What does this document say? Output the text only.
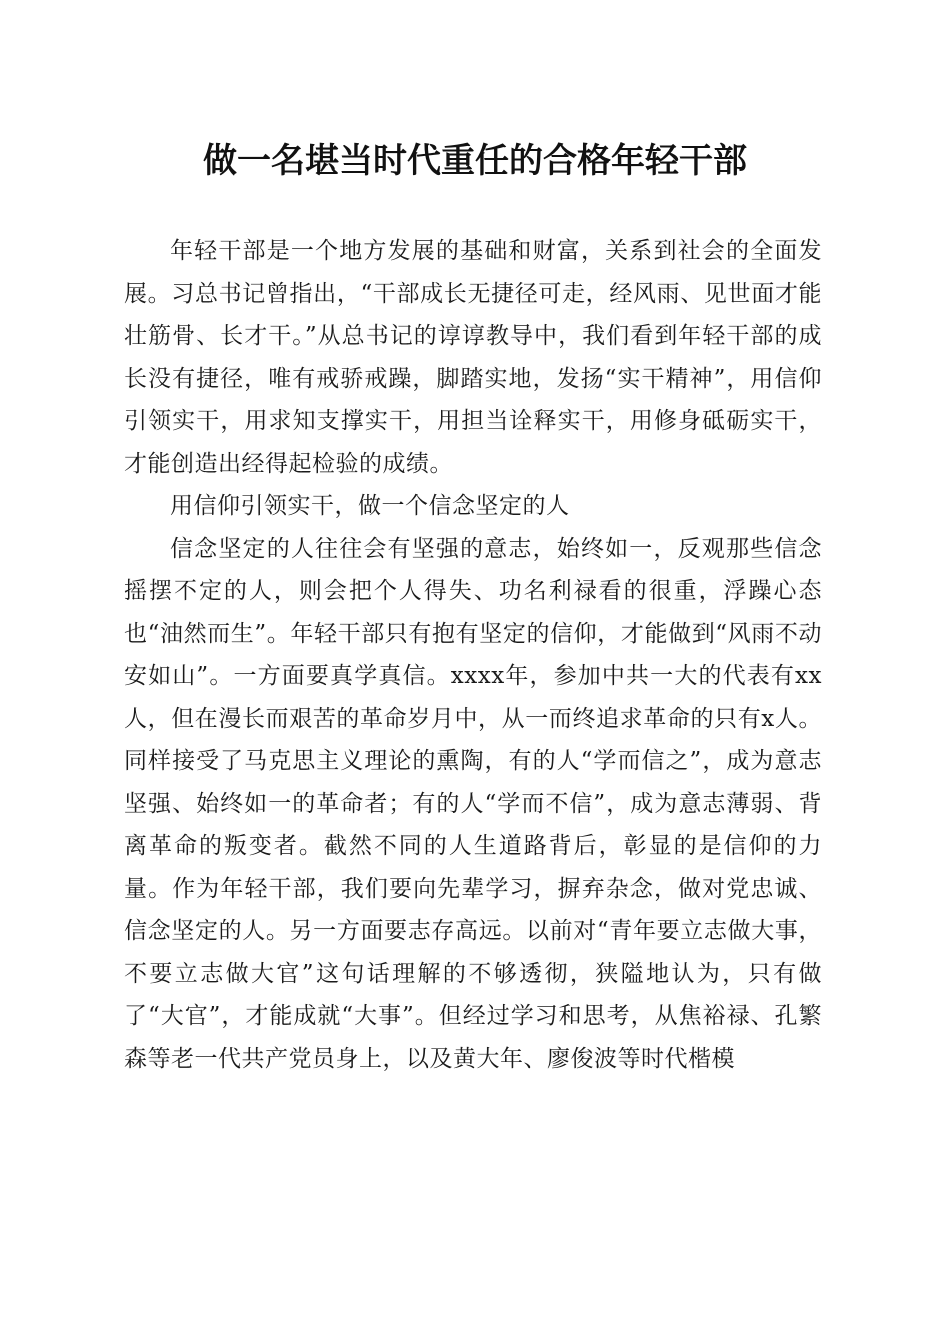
做一名堪当时代重任的合格年轻干部

年轻干部是一个地方发展的基础和财富，关系到社会的全面发展。习总书记曾指出，“干部成长无捷径可走，经风雨、见世面才能壮筋骨、长才干。”从总书记的谆谆教导中，我们看到年轻干部的成长没有捷径，唯有戒骄戒躁，脚踏实地，发扬“实干精神”，用信仰引领实干，用求知支撑实干，用担当诠释实干，用修身砥砺实干，才能创造出经得起检验的成绩。

用信仰引领实干，做一个信念坚定的人

信念坚定的人往往会有坚强的意志，始终如一，反观那些信念摇摆不定的人，则会把个人得失、功名利禄看的很重，浮躁心态也“油然而生”。年轻干部只有抱有坚定的信仰，才能做到“风雨不动安如山”。一方面要真学真信。xxxx年，参加中共一大的代表有xx人，但在漫长而艰苦的革命岁月中，从一而终追求革命的只有x人。同样接受了马克思主义理论的熏陶，有的人“学而信之”，成为意志坚强、始终如一的革命者；有的人“学而不信”，成为意志薄弱、背离革命的叛变者。截然不同的人生道路背后，彰显的是信仰的力量。作为年轻干部，我们要向先辈学习，摒弃杂念，做对党忠诚、信念坚定的人。另一方面要志存高远。以前对“青年要立志做大事，不要立志做大官”这句话理解的不够透彻，狭隘地认为，只有做了“大官”，才能成就“大事”。但经过学习和思考，从焦裕禄、孔繁森等老一代共产党员身上，以及黄大年、廖俊波等时代楷模
